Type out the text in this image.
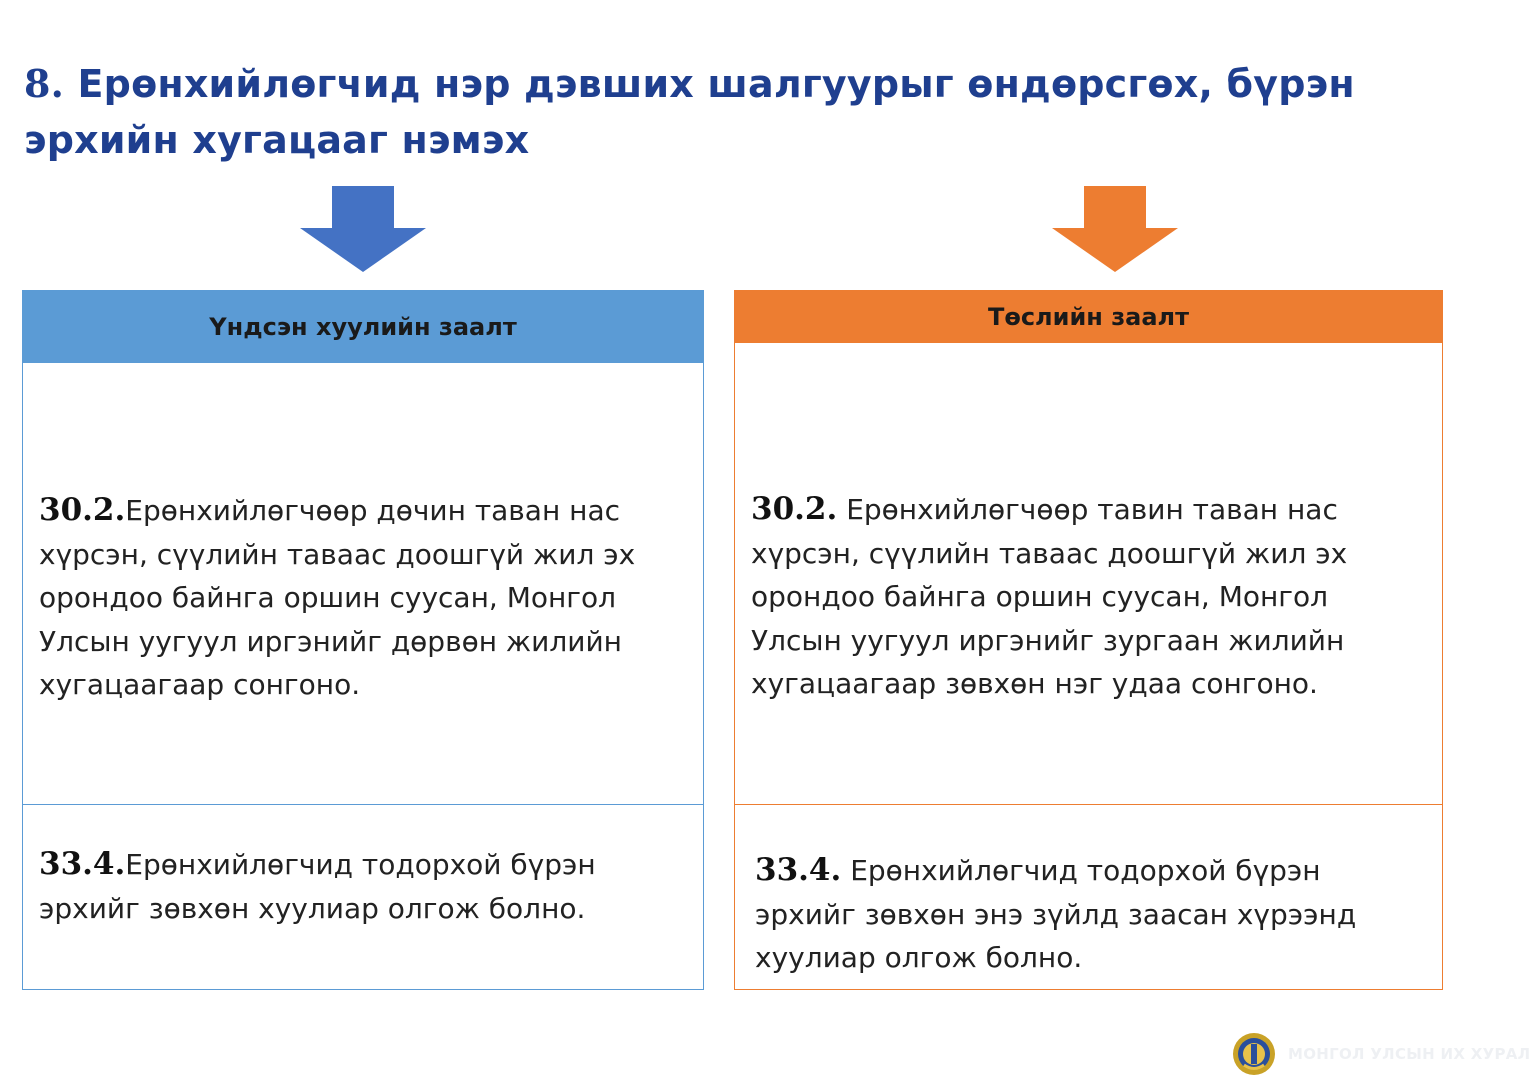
8. Ерөнхийлөгчид нэр дэвших шалгуурыг өндөрсгөх, бүрэн эрхийн хугацааг нэмэх
Үндсэн хуулийн заалт

30.2.Ерөнхийлөгчөөр дөчин таван нас хүрсэн, сүүлийн таваас доошгүй жил эх орондоо байнга оршин суусан, Монгол Улсын уугуул иргэнийг дөрвөн жилийн хугацаагаар сонгоно.

33.4.Ерөнхийлөгчид тодорхой бүрэн эрхийг зөвхөн хуулиар олгож болно.

Төслийн заалт

30.2. Ерөнхийлөгчөөр тавин таван нас хүрсэн, сүүлийн таваас доошгүй жил эх орондоо байнга оршин суусан, Монгол Улсын уугуул иргэнийг зургаан жилийн хугацаагаар зөвхөн нэг удаа сонгоно.

33.4. Ерөнхийлөгчид тодорхой бүрэн эрхийг зөвхөн энэ зүйлд заасан хүрээнд хуулиар олгож болно.

МОНГОЛ УЛСЫН ИХ ХУРАЛ
